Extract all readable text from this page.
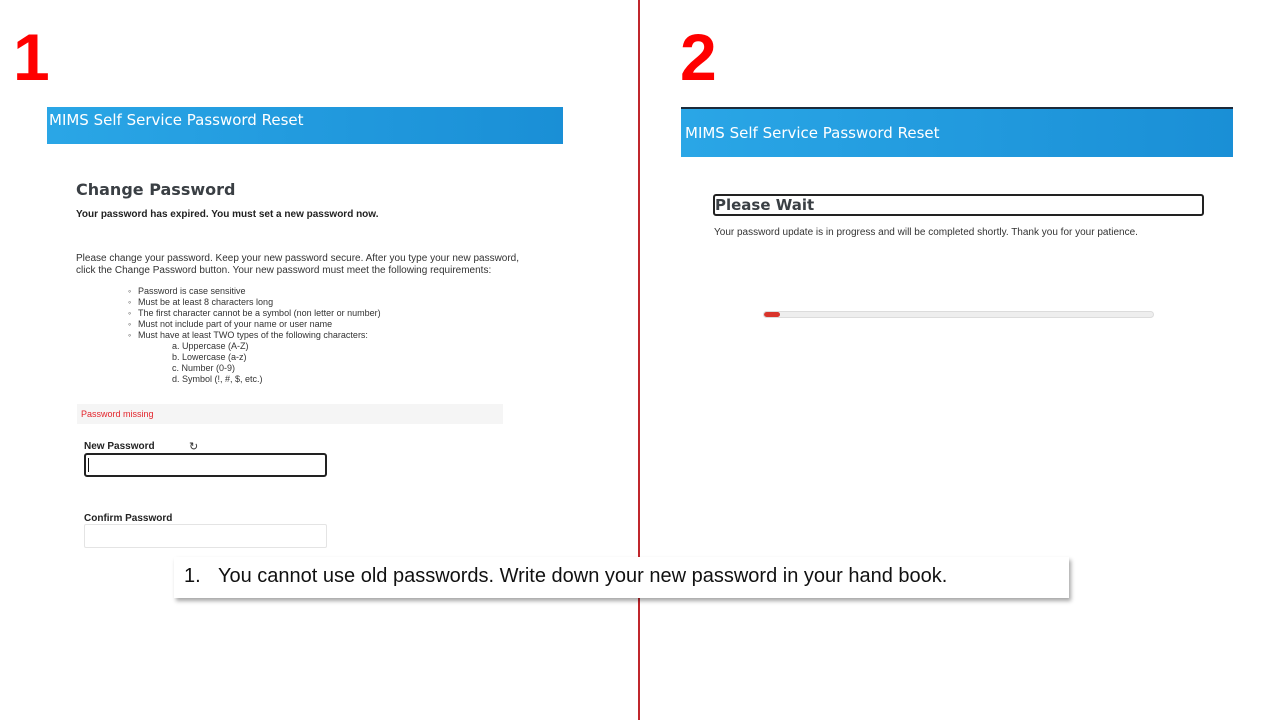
1	2
MIMS Self Service Password Reset
Change Password
Your password has expired. You must set a new password now.
Please change your password. Keep your new password secure. After you type your new password, click the Change Password button. Your new password must meet the following requirements:
◦ Password is case sensitive
◦ Must be at least 8 characters long
◦ The first character cannot be a symbol (non letter or number)
◦ Must not include part of your name or user name
◦ Must have at least TWO types of the following characters:
a. Uppercase (A-Z)
b. Lowercase (a-z)
c. Number (0-9)
d. Symbol (!, #, $, etc.)
Password missing
New Password	↻
Confirm Password
MIMS Self Service Password Reset
Please Wait
Your password update is in progress and will be completed shortly. Thank you for your patience.
1. You cannot use old passwords. Write down your new password in your hand book.
